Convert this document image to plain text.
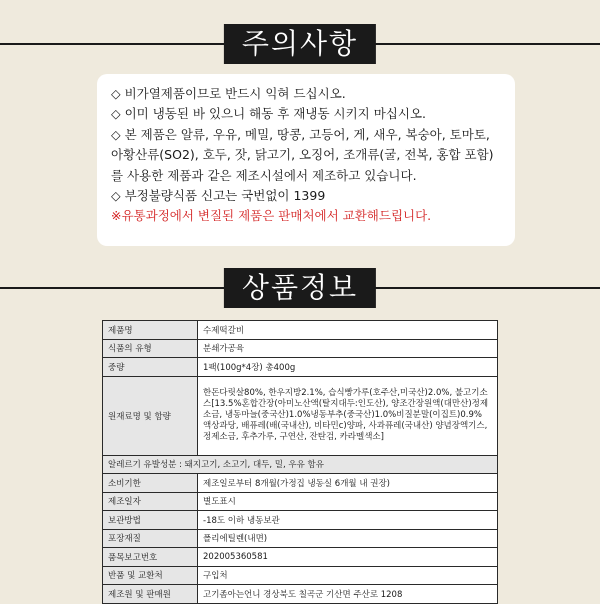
주의사항
◇ 비가열제품이므로 반드시 익혀 드십시오.
◇ 이미 냉동된 바 있으니 해동 후 재냉동 시키지 마십시오.
◇ 본 제품은 알류, 우유, 메밀, 땅콩, 고등어, 게, 새우, 복숭아, 토마토,
아황산류(SO2), 호두, 잣, 닭고기, 오징어, 조개류(굴, 전복, 홍합 포함)
를 사용한 제품과 같은 제조시설에서 제조하고 있습니다.
◇ 부정불량식품 신고는 국번없이 1399
※유통과정에서 변질된 제품은 판매처에서 교환해드립니다.
상품정보
제품명	수제떡갈비
식품의 유형	분쇄가공육
중량	1팩(100g*4장) 총400g
원재료명 및 함량	한돈다릿살80%, 한우지방2.1%, 습식빵가루(호주산,미국산)2.0%, 불고기소스[13.5%혼합간장(아미노산액(탈지대두:인도산), 양조간장원액(대만산)정제소금, 냉동마늘(중국산)1.0%냉동부추(중국산)1.0%비질분말(이집트)0.9% 액상과당, 배퓨레(배(국내산), 비타민c)양파, 사과퓨레(국내산) 양념장엑기스, 정제소금, 후추가루, 구연산, 잔탄검, 카라멜색소]
알레르기 유발성분 : 돼지고기, 소고기, 대두, 밀, 우유 함유	
소비기한	제조일로부터 8개월(가정집 냉동실 6개월 내 권장)
제조일자	별도표시
보관방법	-18도 이하 냉동보관
포장재질	폴리에틸렌(내면)
품목보고번호	202005360581
반품 및 교환처	구입처
제조원 및 판매원	고기좀아는언니 경상북도 칠곡군 기산면 주산로 1208
